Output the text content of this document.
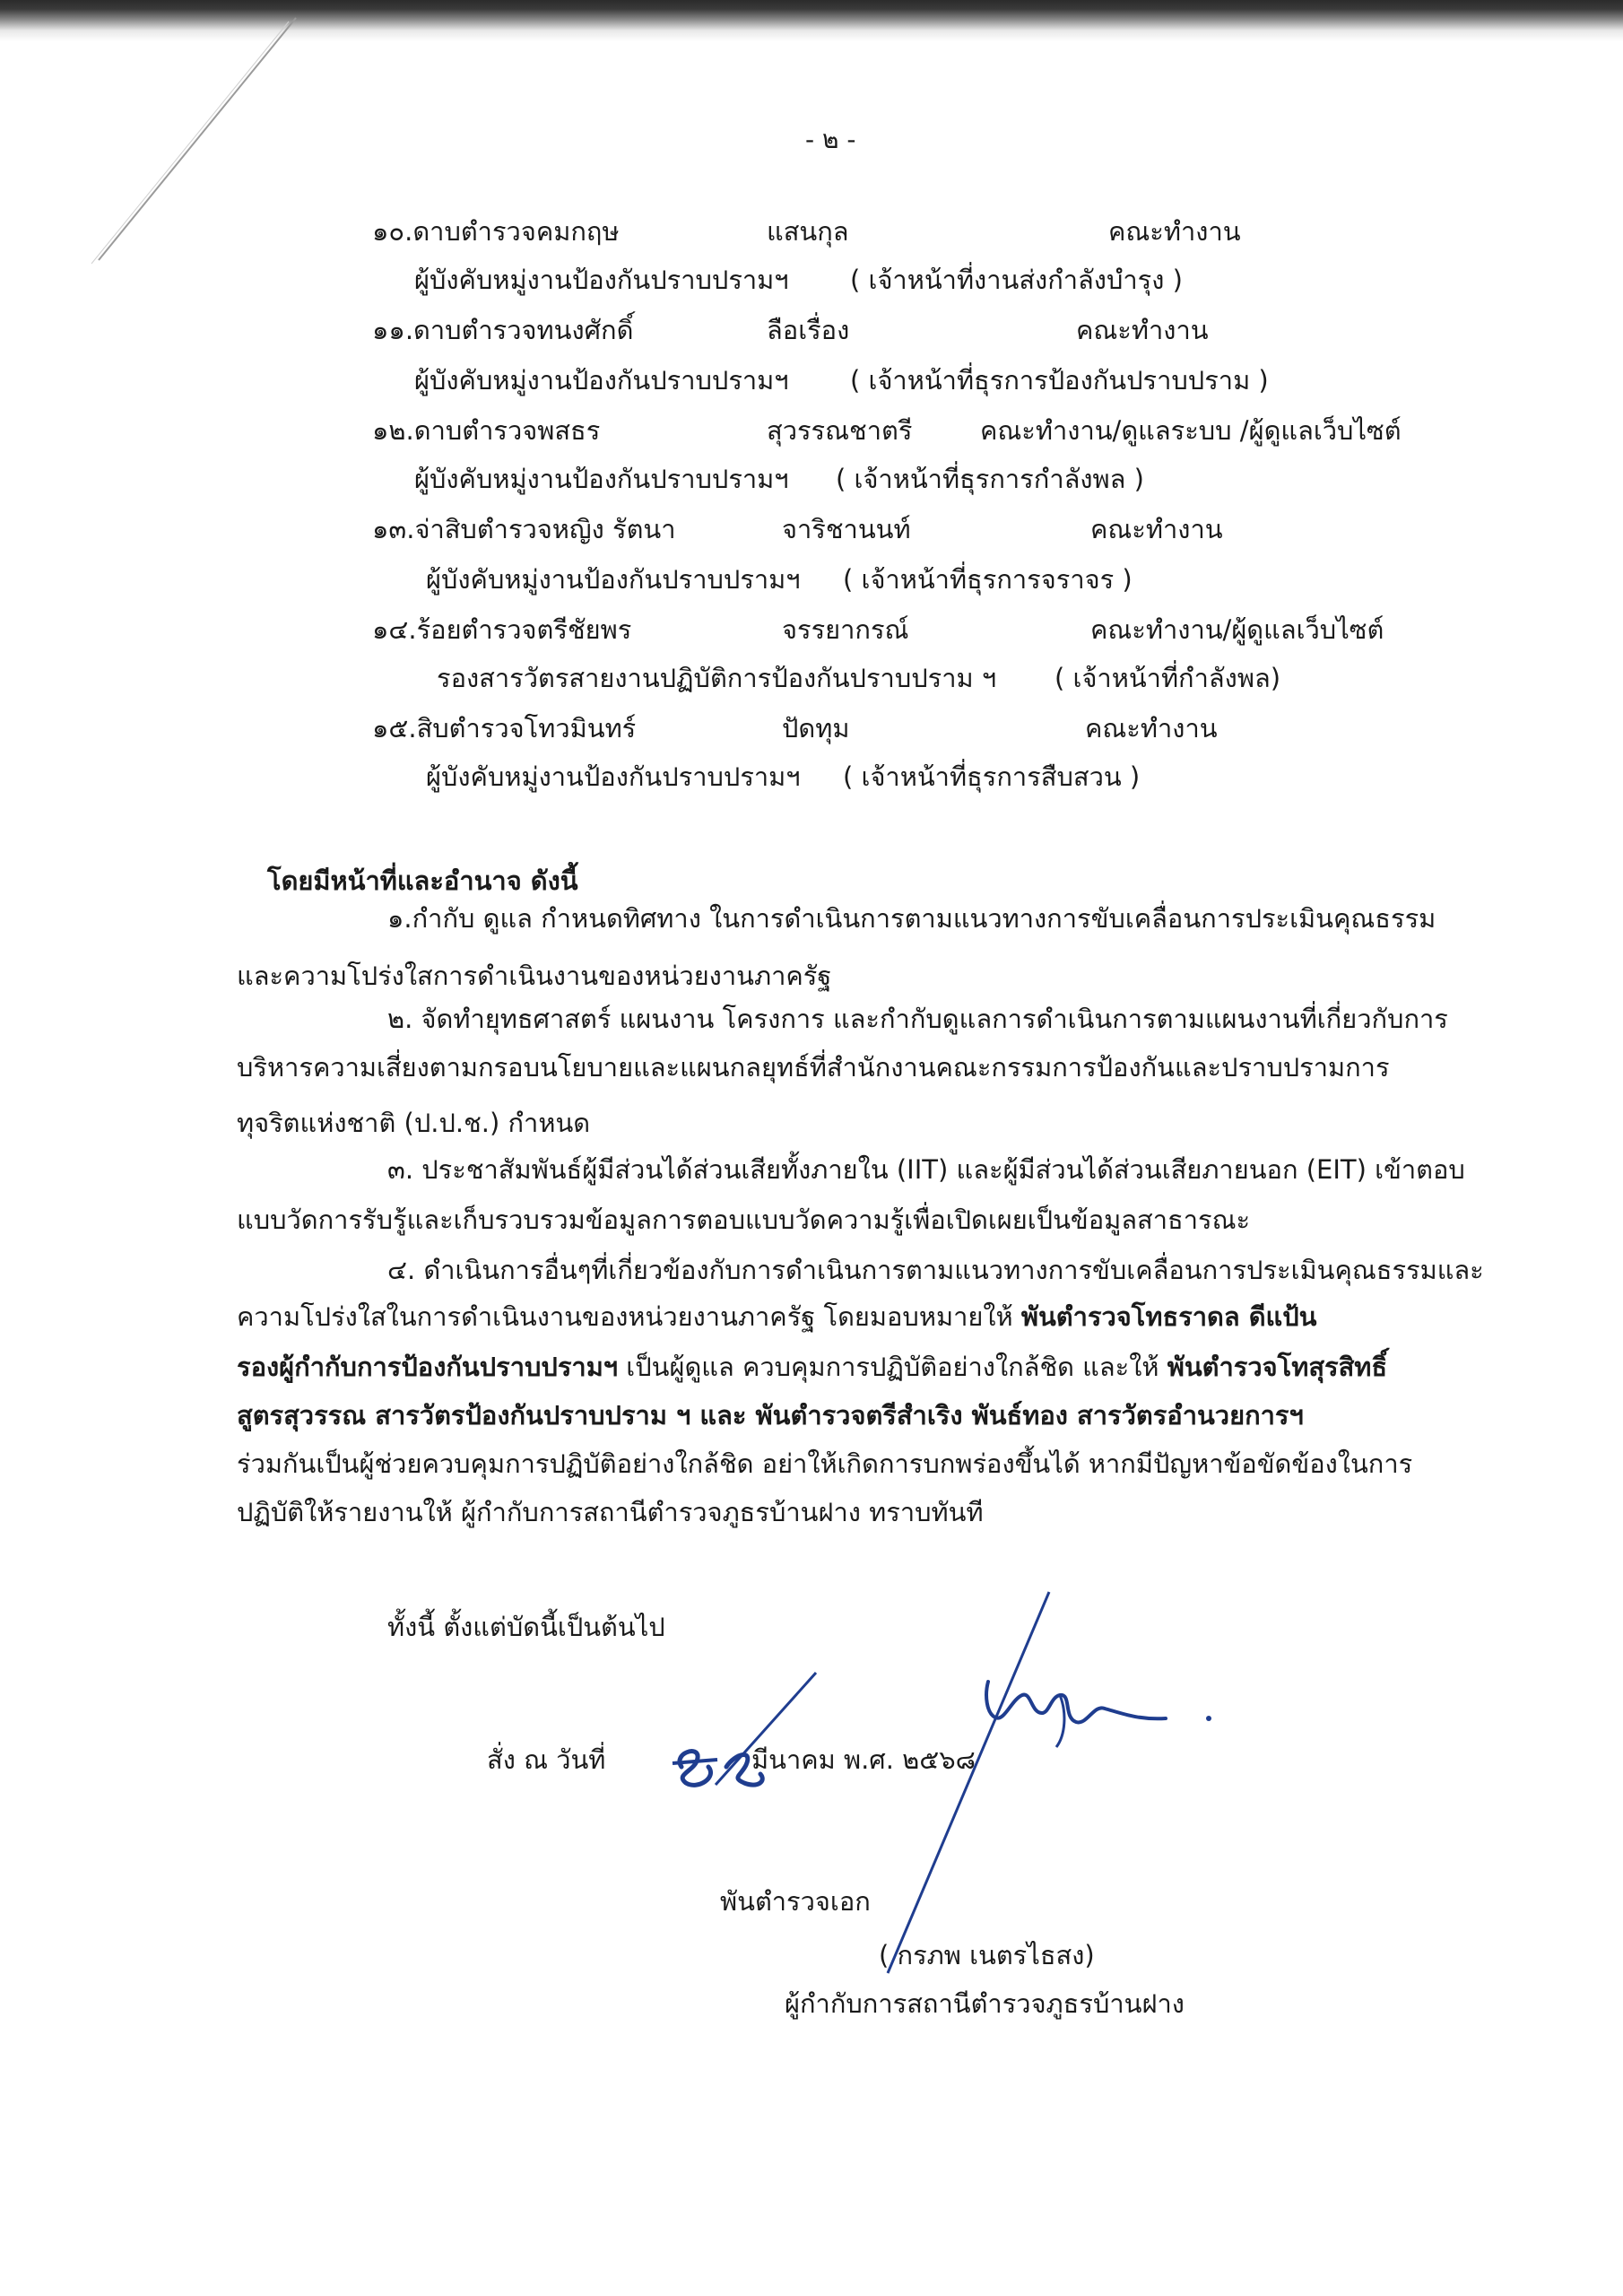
- ๒ -
๑๐.ดาบตำรวจคมกฤษ	แสนกุล	คณะทำงาน
ผู้บังคับหมู่งานป้องกันปราบปรามฯ ( เจ้าหน้าที่งานส่งกำลังบำรุง )
๑๑.ดาบตำรวจทนงศักดิ์	ลือเรื่อง	คณะทำงาน
ผู้บังคับหมู่งานป้องกันปราบปรามฯ ( เจ้าหน้าที่ธุรการป้องกันปราบปราม )
๑๒.ดาบตำรวจพสธร	สุวรรณชาตรี	คณะทำงาน/ดูแลระบบ /ผู้ดูแลเว็บไซต์
ผู้บังคับหมู่งานป้องกันปราบปรามฯ ( เจ้าหน้าที่ธุรการกำลังพล )
๑๓.จ่าสิบตำรวจหญิง รัตนา	จาริชานนท์	คณะทำงาน
ผู้บังคับหมู่งานป้องกันปราบปรามฯ ( เจ้าหน้าที่ธุรการจราจร )
๑๔.ร้อยตำรวจตรีชัยพร	จรรยากรณ์	คณะทำงาน/ผู้ดูแลเว็บไซต์
รองสารวัตรสายงานปฏิบัติการป้องกันปราบปราม ฯ ( เจ้าหน้าที่กำลังพล)
๑๕.สิบตำรวจโทวมินทร์	ปัดทุม	คณะทำงาน
ผู้บังคับหมู่งานป้องกันปราบปรามฯ ( เจ้าหน้าที่ธุรการสืบสวน )
โดยมีหน้าที่และอำนาจ ดังนี้
๑.กำกับ ดูแล กำหนดทิศทาง ในการดำเนินการตามแนวทางการขับเคลื่อนการประเมินคุณธรรม
และความโปร่งใสการดำเนินงานของหน่วยงานภาครัฐ
๒. จัดทำยุทธศาสตร์ แผนงาน โครงการ และกำกับดูแลการดำเนินการตามแผนงานที่เกี่ยวกับการ
บริหารความเสี่ยงตามกรอบนโยบายและแผนกลยุทธ์ที่สำนักงานคณะกรรมการป้องกันและปราบปรามการ
ทุจริตแห่งชาติ (ป.ป.ช.) กำหนด
๓. ประชาสัมพันธ์ผู้มีส่วนได้ส่วนเสียทั้งภายใน (IIT) และผู้มีส่วนได้ส่วนเสียภายนอก (EIT) เข้าตอบ
แบบวัดการรับรู้และเก็บรวบรวมข้อมูลการตอบแบบวัดความรู้เพื่อเปิดเผยเป็นข้อมูลสาธารณะ
๔. ดำเนินการอื่นๆที่เกี่ยวข้องกับการดำเนินการตามแนวทางการขับเคลื่อนการประเมินคุณธรรมและ
ความโปร่งใสในการดำเนินงานของหน่วยงานภาครัฐ โดยมอบหมายให้ พันตำรวจโทธราดล ดีแป้น
รองผู้กำกับการป้องกันปราบปรามฯ เป็นผู้ดูแล ควบคุมการปฏิบัติอย่างใกล้ชิด และให้ พันตำรวจโทสุรสิทธิ์
สูตรสุวรรณ สารวัตรป้องกันปราบปราม ฯ และ พันตำรวจตรีสำเริง พันธ์ทอง สารวัตรอำนวยการฯ
ร่วมกันเป็นผู้ช่วยควบคุมการปฏิบัติอย่างใกล้ชิด อย่าให้เกิดการบกพร่องขึ้นได้ หากมีปัญหาข้อขัดข้องในการ
ปฏิบัติให้รายงานให้ ผู้กำกับการสถานีตำรวจภูธรบ้านฝาง ทราบทันที
ทั้งนี้ ตั้งแต่บัดนี้เป็นต้นไป
สั่ง ณ วันที่	มีนาคม พ.ศ. ๒๕๖๘
พันตำรวจเอก
( กรภพ เนตรไธสง)
ผู้กำกับการสถานีตำรวจภูธรบ้านฝาง
